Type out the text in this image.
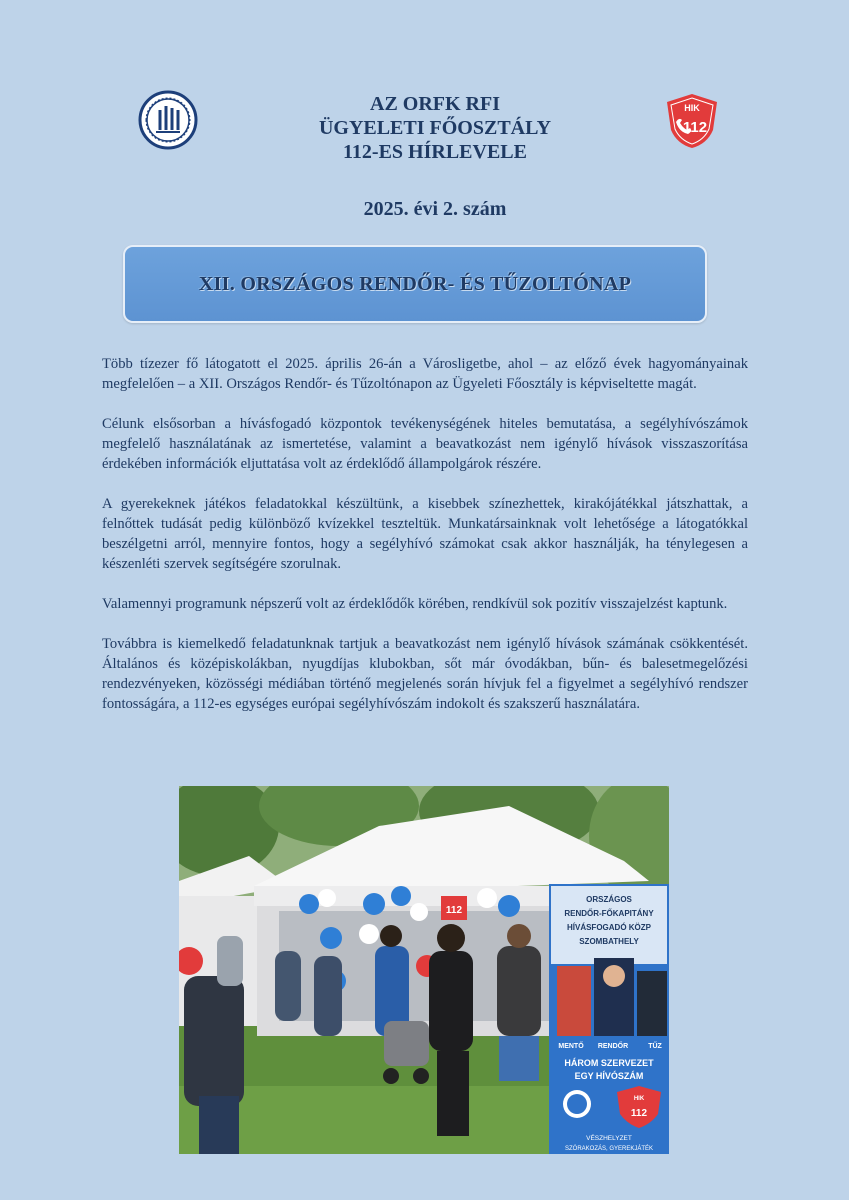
HIK
112
AZ ORFK RFI
ÜGYELETI FŐOSZTÁLY
112-ES HÍRLEVELE
2025. évi 2. szám
XII. ORSZÁGOS RENDŐR- ÉS TŰZOLTÓNAP

Több tízezer fő látogatott el 2025. április 26-án a Városligetbe, ahol – az előző évek hagyományainak megfelelően – a XII. Országos Rendőr- és Tűzoltónapon az Ügyeleti Főosztály is képviseltette magát.

Célunk elsősorban a hívásfogadó központok tevékenységének hiteles bemutatása, a segélyhívószámok megfelelő használatának az ismertetése, valamint a beavatkozást nem igénylő hívások visszaszorítása érdekében információk eljuttatása volt az érdeklődő állampolgárok részére.

A gyerekeknek játékos feladatokkal készültünk, a kisebbek színezhettek, kirakójátékkal játszhattak, a felnőttek tudását pedig különböző kvízekkel teszteltük. Munkatársainknak volt lehetősége a látogatókkal beszélgetni arról, mennyire fontos, hogy a segélyhívó számokat csak akkor használják, ha ténylegesen a készenléti szervek segítségére szorulnak.

Valamennyi programunk népszerű volt az érdeklődők körében, rendkívül sok pozitív visszajelzést kaptunk.

Továbbra is kiemelkedő feladatunknak tartjuk a beavatkozást nem igénylő hívások számának csökkentését. Általános és középiskolákban, nyugdíjas klubokban, sőt már óvodákban, bűn- és balesetmegelőzési rendezvényeken, közösségi médiában történő megjelenés során hívjuk fel a figyelmet a segélyhívó rendszer fontosságára, a 112-es egységes európai segélyhívószám indokolt és szakszerű használatára.

112
ORSZÁGOS
RENDŐR-FŐKAPITÁNY
HÍVÁSFOGADÓ KÖZP
SZOMBATHELY
MENTŐ RENDŐR	TŰZ
HÁROM SZERVEZET
EGY HÍVÓSZÁM
HIK
112
VÉSZHELYZET
SZÓRAKOZÁS, GYEREKJÁTÉK
